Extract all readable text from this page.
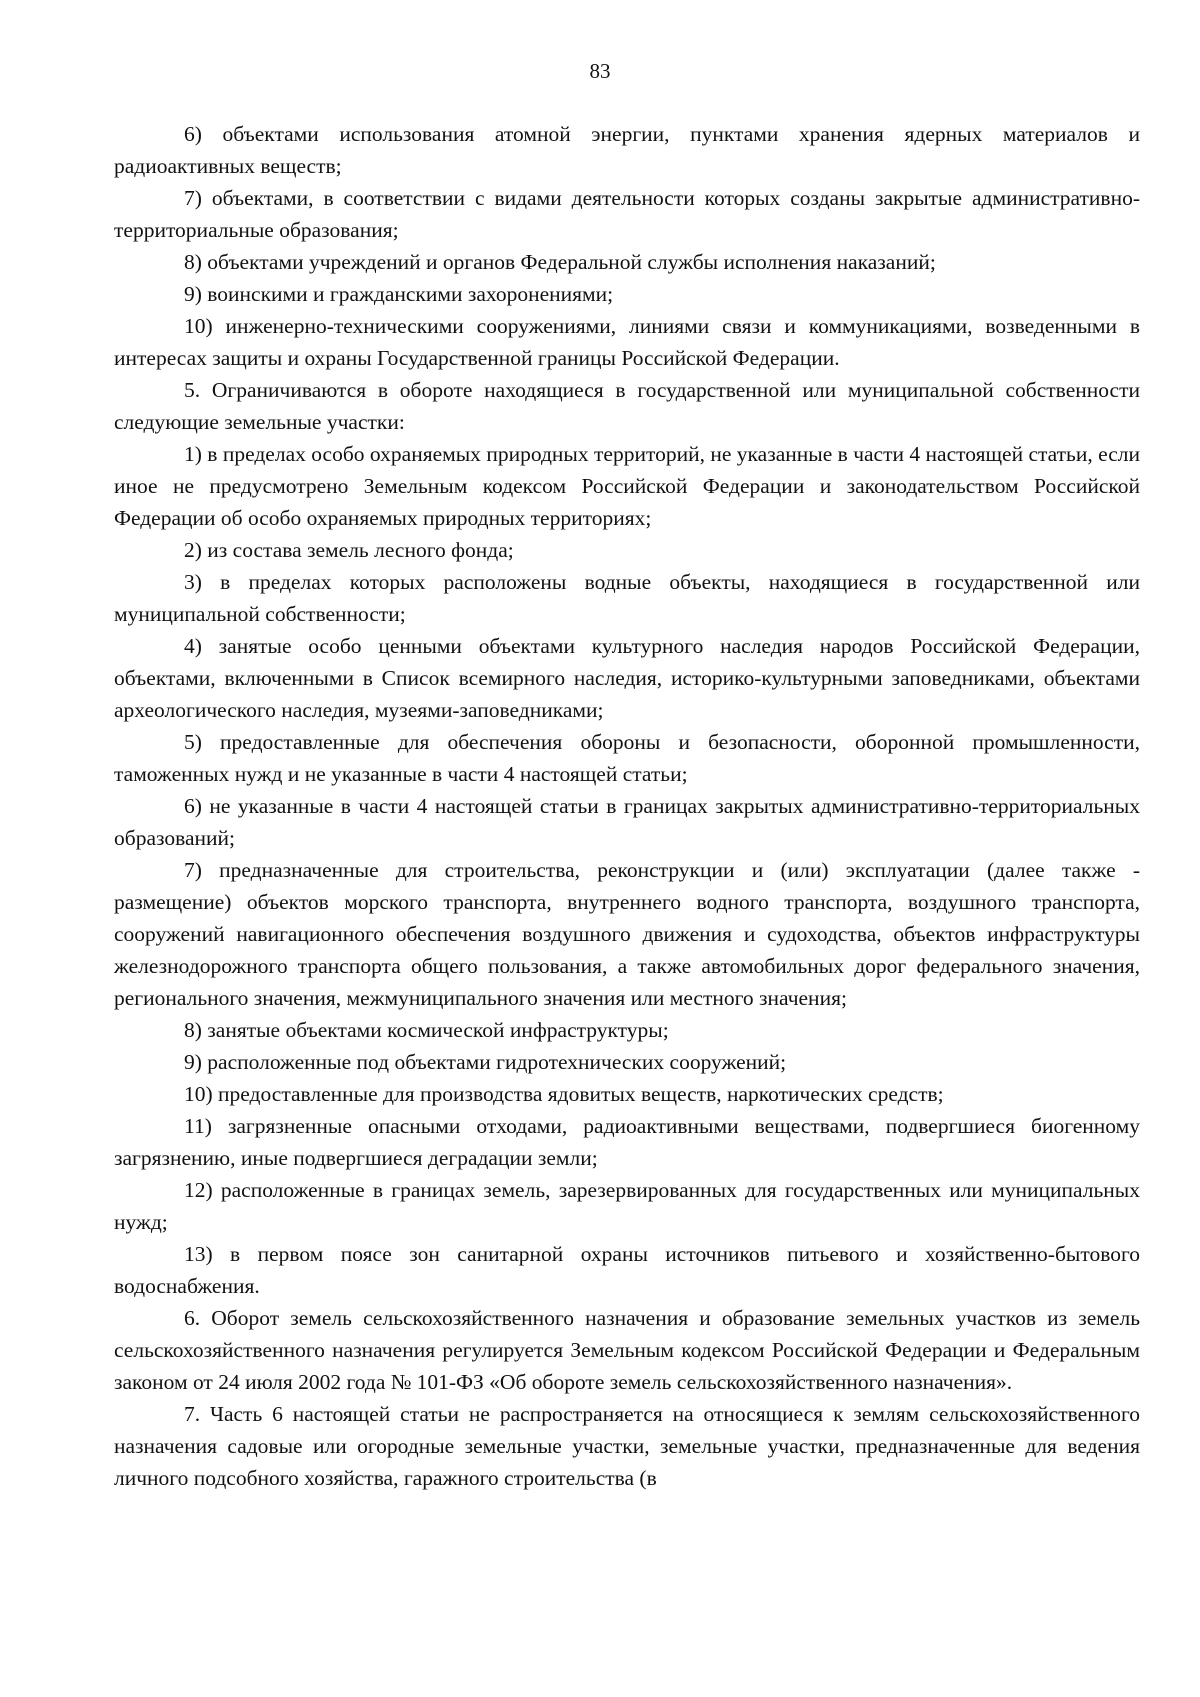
83

6) объектами использования атомной энергии, пунктами хранения ядерных материалов и радиоактивных веществ;

7) объектами, в соответствии с видами деятельности которых созданы закрытые административно-территориальные образования;

8) объектами учреждений и органов Федеральной службы исполнения наказаний;

9) воинскими и гражданскими захоронениями;

10) инженерно-техническими сооружениями, линиями связи и коммуникациями, возведенными в интересах защиты и охраны Государственной границы Российской Федерации.

5. Ограничиваются в обороте находящиеся в государственной или муниципальной собственности следующие земельные участки:

1) в пределах особо охраняемых природных территорий, не указанные в части 4 настоящей статьи, если иное не предусмотрено Земельным кодексом Российской Федерации и законодательством Российской Федерации об особо охраняемых природных территориях;

2) из состава земель лесного фонда;

3) в пределах которых расположены водные объекты, находящиеся в государственной или муниципальной собственности;

4) занятые особо ценными объектами культурного наследия народов Российской Федерации, объектами, включенными в Список всемирного наследия, историко-культурными заповедниками, объектами археологического наследия, музеями-заповедниками;

5) предоставленные для обеспечения обороны и безопасности, оборонной промышленности, таможенных нужд и не указанные в части 4 настоящей статьи;

6) не указанные в части 4 настоящей статьи в границах закрытых административно-территориальных образований;

7) предназначенные для строительства, реконструкции и (или) эксплуатации (далее также - размещение) объектов морского транспорта, внутреннего водного транспорта, воздушного транспорта, сооружений навигационного обеспечения воздушного движения и судоходства, объектов инфраструктуры железнодорожного транспорта общего пользования, а также автомобильных дорог федерального значения, регионального значения, межмуниципального значения или местного значения;

8) занятые объектами космической инфраструктуры;

9) расположенные под объектами гидротехнических сооружений;

10) предоставленные для производства ядовитых веществ, наркотических средств;

11) загрязненные опасными отходами, радиоактивными веществами, подвергшиеся биогенному загрязнению, иные подвергшиеся деградации земли;

12) расположенные в границах земель, зарезервированных для государственных или муниципальных нужд;

13) в первом поясе зон санитарной охраны источников питьевого и хозяйственно-бытового водоснабжения.

6. Оборот земель сельскохозяйственного назначения и образование земельных участков из земель сельскохозяйственного назначения регулируется Земельным кодексом Российской Федерации и Федеральным законом от 24 июля 2002 года № 101-ФЗ «Об обороте земель сельскохозяйственного назначения».

7. Часть 6 настоящей статьи не распространяется на относящиеся к землям сельскохозяйственного назначения садовые или огородные земельные участки, земельные участки, предназначенные для ведения личного подсобного хозяйства, гаражного строительства (в
